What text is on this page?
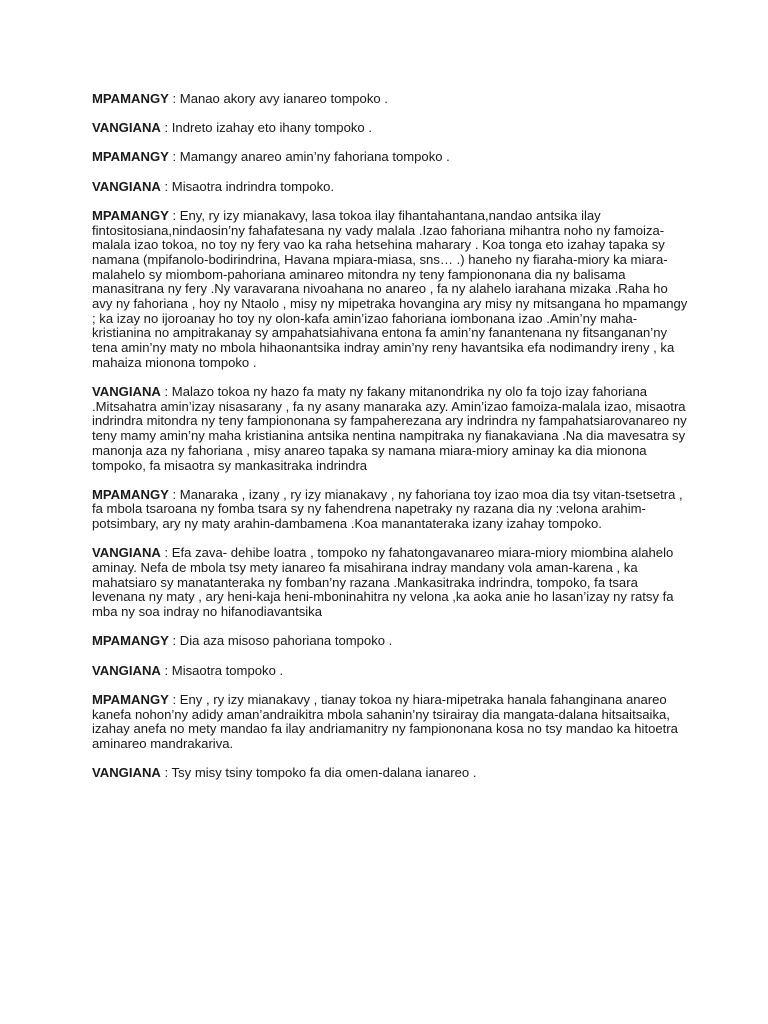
MPAMANGY : Manao akory avy ianareo tompoko .

VANGIANA : Indreto izahay eto ihany tompoko .

MPAMANGY : Mamangy anareo amin’ny fahoriana tompoko .

VANGIANA : Misaotra indrindra tompoko.

MPAMANGY : Eny, ry izy mianakavy, lasa tokoa ilay fihantahantana,nandao antsika ilay fintositosiana,nindaosin’ny fahafatesana ny vady malala .Izao fahoriana mihantra noho ny famoiza-malala izao tokoa, no toy ny fery vao ka raha hetsehina maharary . Koa tonga eto izahay tapaka sy namana (mpifanolo-bodirindrina, Havana mpiara-miasa, sns… .) haneho ny fiaraha-miory ka miara-malahelo sy miombom-pahoriana aminareo mitondra ny teny fampiononana dia ny balisama manasitrana ny fery .Ny varavarana nivoahana no anareo , fa ny alahelo iarahana mizaka .Raha ho avy ny fahoriana , hoy ny Ntaolo , misy ny mipetraka hovangina ary misy ny mitsangana ho mpamangy ; ka izay no ijoroanay ho toy ny olon-kafa amin’izao fahoriana iombonana izao .Amin’ny maha-kristianina no ampitrakanay sy ampahatsiahivana entona fa amin’ny fanantenana ny fitsanganan’ny tena amin’ny maty no mbola hihaonantsika indray amin’ny reny havantsika efa nodimandry ireny , ka mahaiza mionona tompoko .

VANGIANA : Malazo tokoa ny hazo fa maty ny fakany mitanondrika ny olo fa tojo izay fahoriana .Mitsahatra amin’izay nisasarany , fa ny asany manaraka azy. Amin’izao famoiza-malala izao, misaotra indrindra mitondra ny teny fampiononana sy fampaherezana ary indrindra ny fampahatsiarovanareo ny teny mamy amin’ny maha kristianina antsika nentina nampitraka ny fianakaviana .Na dia mavesatra sy manonja aza ny fahoriana , misy anareo tapaka sy namana miara-miory aminay ka dia mionona tompoko, fa misaotra sy mankasitraka indrindra

MPAMANGY : Manaraka , izany , ry izy mianakavy , ny fahoriana toy izao moa dia tsy vitan-tsetsetra , fa mbola tsaroana ny fomba tsara sy ny fahendrena napetraky ny razana dia ny :velona arahim-potsimbary, ary ny maty arahin-dambamena .Koa manantateraka izany izahay tompoko.

VANGIANA : Efa zava- dehibe loatra , tompoko ny fahatongavanareo miara-miory miombina alahelo aminay. Nefa de mbola tsy mety ianareo fa misahirana indray mandany vola aman-karena , ka mahatsiaro sy manatanteraka ny fomban’ny razana .Mankasitraka indrindra, tompoko, fa tsara levenana ny maty , ary heni-kaja heni-mboninahitra ny velona ,ka aoka anie ho lasan’izay ny ratsy fa mba ny soa indray no hifanodiavantsika

MPAMANGY : Dia aza misoso pahoriana tompoko .

VANGIANA : Misaotra tompoko .

MPAMANGY : Eny , ry izy mianakavy , tianay tokoa ny hiara-mipetraka hanala fahanginana anareo kanefa nohon’ny adidy aman’andraikitra mbola sahanin’ny tsirairay dia mangata-dalana hitsaitsaika, izahay anefa no mety mandao fa ilay andriamanitry ny fampiononana kosa no tsy mandao ka hitoetra aminareo mandrakariva.

VANGIANA : Tsy misy tsiny tompoko fa dia omen-dalana ianareo .
